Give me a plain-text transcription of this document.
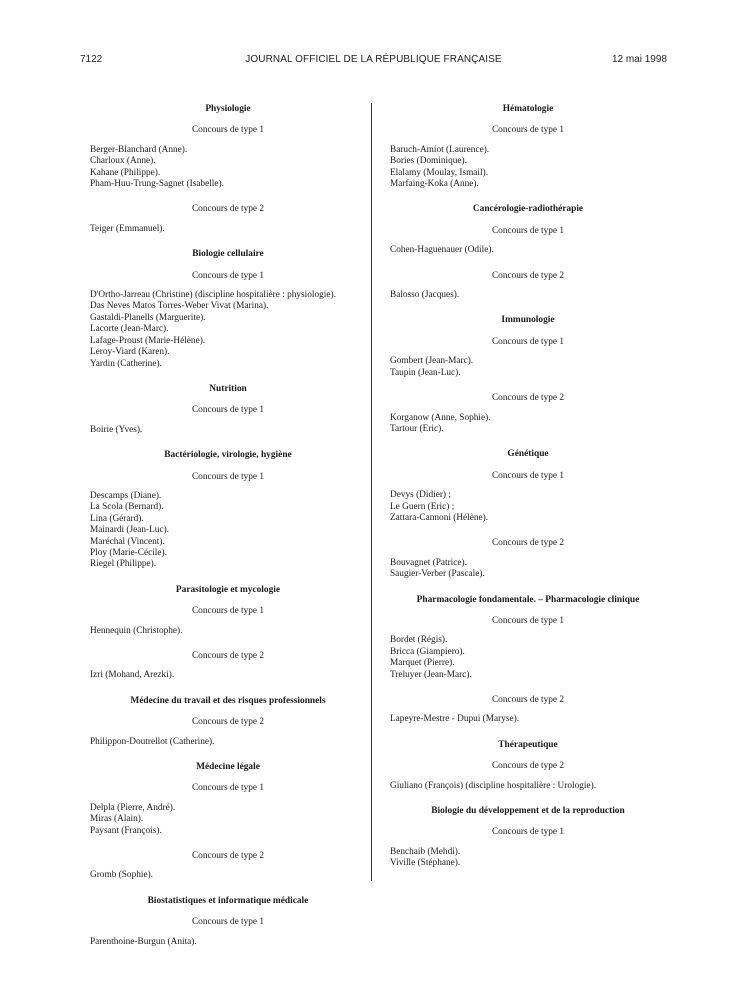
7122	JOURNAL OFFICIEL DE LA RÉPUBLIQUE FRANÇAISE	12 mai 1998
Physiologie
Concours de type 1
Berger-Blanchard (Anne).
Charloux (Anne).
Kahane (Philippe).
Pham-Huu-Trung-Sagnet (Isabelle).
Concours de type 2
Teiger (Emmanuel).
Biologie cellulaire
Concours de type 1
D'Ortho-Jarreau (Christine) (discipline hospitalière : physiologie).
Das Neves Matos Torres-Weber Vivat (Marina).
Gastaldi-Planells (Marguerite).
Lacorte (Jean-Marc).
Lafage-Proust (Marie-Hélène).
Leroy-Viard (Karen).
Yardin (Catherine).
Nutrition
Concours de type 1
Boirie (Yves).
Bactériologie, virologie, hygiène
Concours de type 1
Descamps (Diane).
La Scola (Bernard).
Lina (Gérard).
Mainardi (Jean-Luc).
Maréchal (Vincent).
Ploy (Marie-Cécile).
Riegel (Philippe).
Parasitologie et mycologie
Concours de type 1
Hennequin (Christophe).
Concours de type 2
Izri (Mohand, Arezki).
Médecine du travail et des risques professionnels
Concours de type 2
Philippon-Doutrellot (Catherine).
Médecine légale
Concours de type 1
Delpla (Pierre, André).
Miras (Alain).
Paysant (François).
Concours de type 2
Gromb (Sophie).
Biostatistiques et informatique médicale
Concours de type 1
Parenthoine-Burgun (Anita).
Hématologie
Concours de type 1
Baruch-Amiot (Laurence).
Bories (Dominique).
Elalamy (Moulay, Ismail).
Marfaing-Koka (Anne).
Cancérologie-radiothérapie
Concours de type 1
Cohen-Haguenauer (Odile).
Concours de type 2
Balosso (Jacques).
Immunologie
Concours de type 1
Gombert (Jean-Marc).
Taupin (Jean-Luc).
Concours de type 2
Korganow (Anne, Sophie).
Tartour (Eric).
Génétique
Concours de type 1
Devys (Didier) ;
Le Guern (Eric) ;
Zattara-Cannoni (Hélène).
Concours de type 2
Bouvagnet (Patrice).
Saugier-Verber (Pascale).
Pharmacologie fondamentale. – Pharmacologie clinique
Concours de type 1
Bordet (Régis).
Bricca (Giampiero).
Marquet (Pierre).
Treluyer (Jean-Marc).
Concours de type 2
Lapeyre-Mestre - Dupui (Maryse).
Thérapeutique
Concours de type 2
Giuliano (François) (discipline hospitalière : Urologie).
Biologie du développement et de la reproduction
Concours de type 1
Benchaib (Mehdi).
Viville (Stéphane).
